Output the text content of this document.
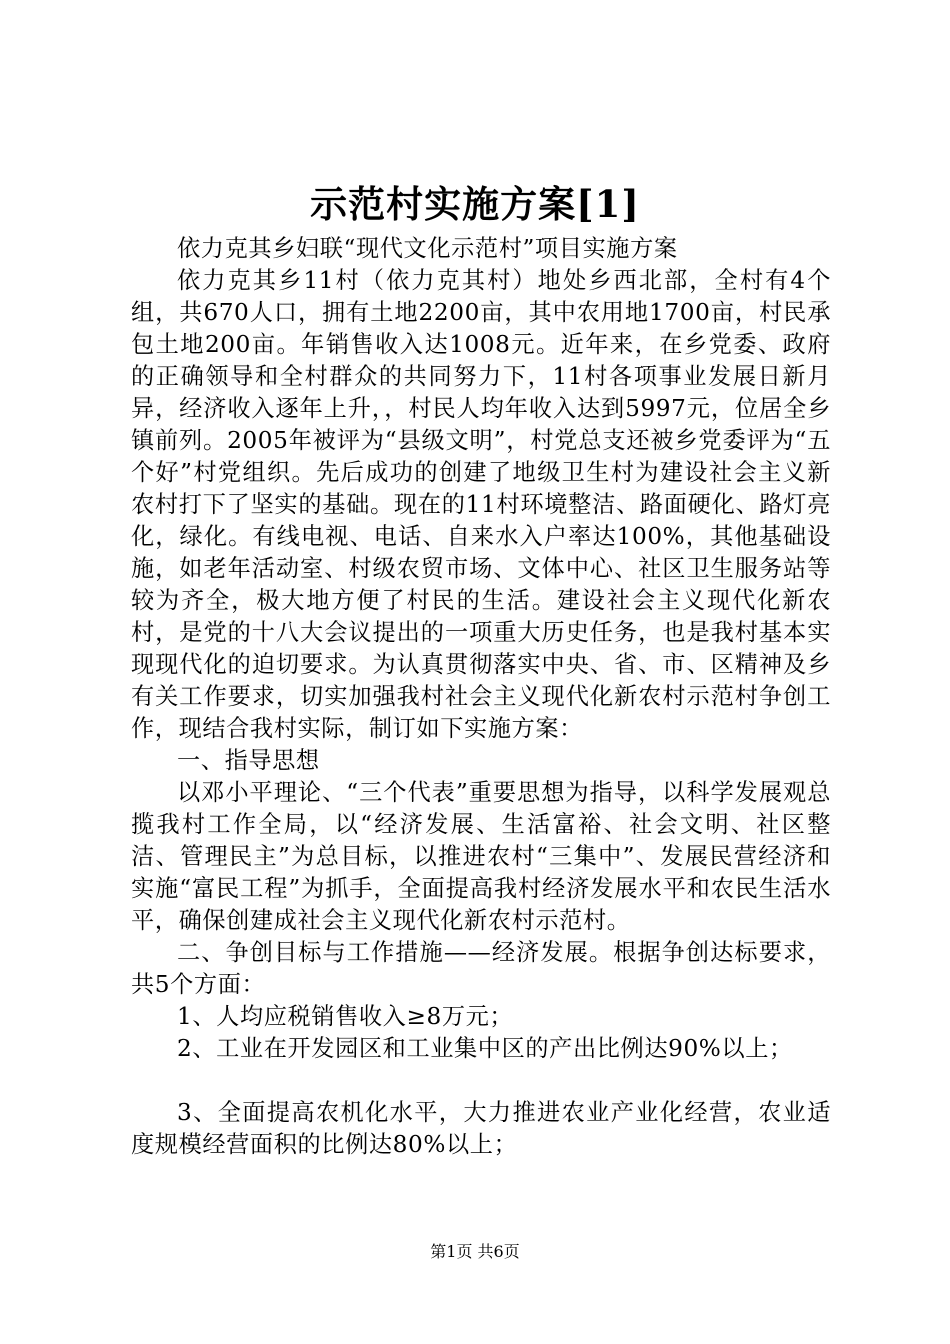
示范村实施方案[1]

依力克其乡妇联“现代文化示范村”项目实施方案

依力克其乡11村（依力克其村）地处乡西北部，全村有4个组，共670人口，拥有土地2200亩，其中农用地1700亩，村民承包土地200亩。年销售收入达1008元。近年来，在乡党委、政府的正确领导和全村群众的共同努力下，11村各项事业发展日新月异，经济收入逐年上升，，村民人均年收入达到5997元，位居全乡镇前列。2005年被评为“县级文明”，村党总支还被乡党委评为“五个好”村党组织。先后成功的创建了地级卫生村为建设社会主义新农村打下了坚实的基础。现在的11村环境整洁、路面硬化、路灯亮化，绿化。有线电视、电话、自来水入户率达100%，其他基础设施，如老年活动室、村级农贸市场、文体中心、社区卫生服务站等较为齐全，极大地方便了村民的生活。建设社会主义现代化新农村，是党的十八大会议提出的一项重大历史任务，也是我村基本实现现代化的迫切要求。为认真贯彻落实中央、省、市、区精神及乡有关工作要求，切实加强我村社会主义现代化新农村示范村争创工作，现结合我村实际，制订如下实施方案：

一、指导思想

以邓小平理论、“三个代表”重要思想为指导，以科学发展观总揽我村工作全局，以“经济发展、生活富裕、社会文明、社区整洁、管理民主”为总目标，以推进农村“三集中”、发展民营经济和实施“富民工程”为抓手，全面提高我村经济发展水平和农民生活水平，确保创建成社会主义现代化新农村示范村。

二、争创目标与工作措施——经济发展。根据争创达标要求，共5个方面：

1、人均应税销售收入≥8万元；

2、工业在开发园区和工业集中区的产出比例达90%以上；

3、全面提高农机化水平，大力推进农业产业化经营，农业适度规模经营面积的比例达80%以上；

第1页 共6页
